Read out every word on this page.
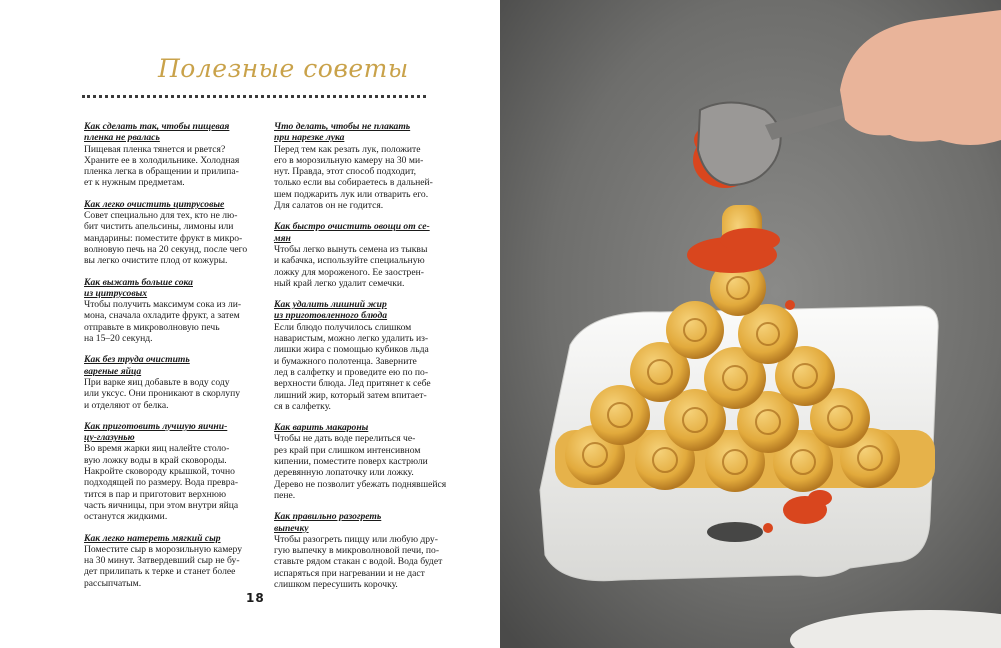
Полезные советы

Как сделать так, чтобы пищевая
пленка не рвалась

Пищевая пленка тянется и рвется?
Храните ее в холодильнике. Холодная
пленка легка в обращении и прилипа-
ет к нужным предметам.

Как легко очистить цитрусовые

Совет специально для тех, кто не лю-
бит чистить апельсины, лимоны или
мандарины: поместите фрукт в микро-
волновую печь на 20 секунд, после чего
вы легко очистите плод от кожуры.

Как выжать больше сока
из цитрусовых

Чтобы получить максимум сока из ли-
мона, сначала охладите фрукт, а затем
отправьте в микроволновую печь
на 15–20 секунд.

Как без труда очистить
вареные яйца

При варке яиц добавьте в воду соду
или уксус. Они проникают в скорлупу
и отделяют от белка.

Как приготовить лучшую яични-
цу-глазунью

Во время жарки яиц налейте столо-
вую ложку воды в край сковороды.
Накройте сковороду крышкой, точно
подходящей по размеру. Вода преврa-
тится в пар и приготовит верхнюю
часть яичницы, при этом внутри яйца
останутся жидкими.

Как легко натереть мягкий сыр

Поместите сыр в морозильную камеру
на 30 минут. Затвердевший сыр не бу-
дет прилипать к терке и станет более
рассыпчатым.

Что делать, чтобы не плакать
при нарезке лука

Перед тем как резать лук, положите
его в морозильную камеру на 30 ми-
нут. Правда, этот способ подходит,
только если вы собираетесь в дальней-
шем поджарить лук или отварить его.
Для салатов он не годится.

Как быстро очистить овощи от се-
мян

Чтобы легко вынуть семена из тыквы
и кабачка, используйте специальную
ложку для мороженого. Ее заострен-
ный край легко удалит семечки.

Как удалить лишний жир
из приготовленного блюда

Если блюдо получилось слишком
наваристым, можно легко удалить из-
лишки жира с помощью кубиков льда
и бумажного полотенца. Заверните
лед в салфетку и проведите ею по по-
верхности блюда. Лед притянет к себе
лишний жир, который затем впитает-
ся в салфетку.

Как варить макароны

Чтобы не дать воде перелиться че-
рез край при слишком интенсивном
кипении, поместите поверх кастрюли
деревянную лопаточку или ложку.
Дерево не позволит убежать поднявшейся пене.

Как правильно разогреть
выпечку

Чтобы разогреть пиццу или любую дру-
гую выпечку в микроволновой печи, по-
ставьте рядом стакан с водой. Вода будет
испаряться при нагревании и не даст
слишком пересушить корочку.

18
